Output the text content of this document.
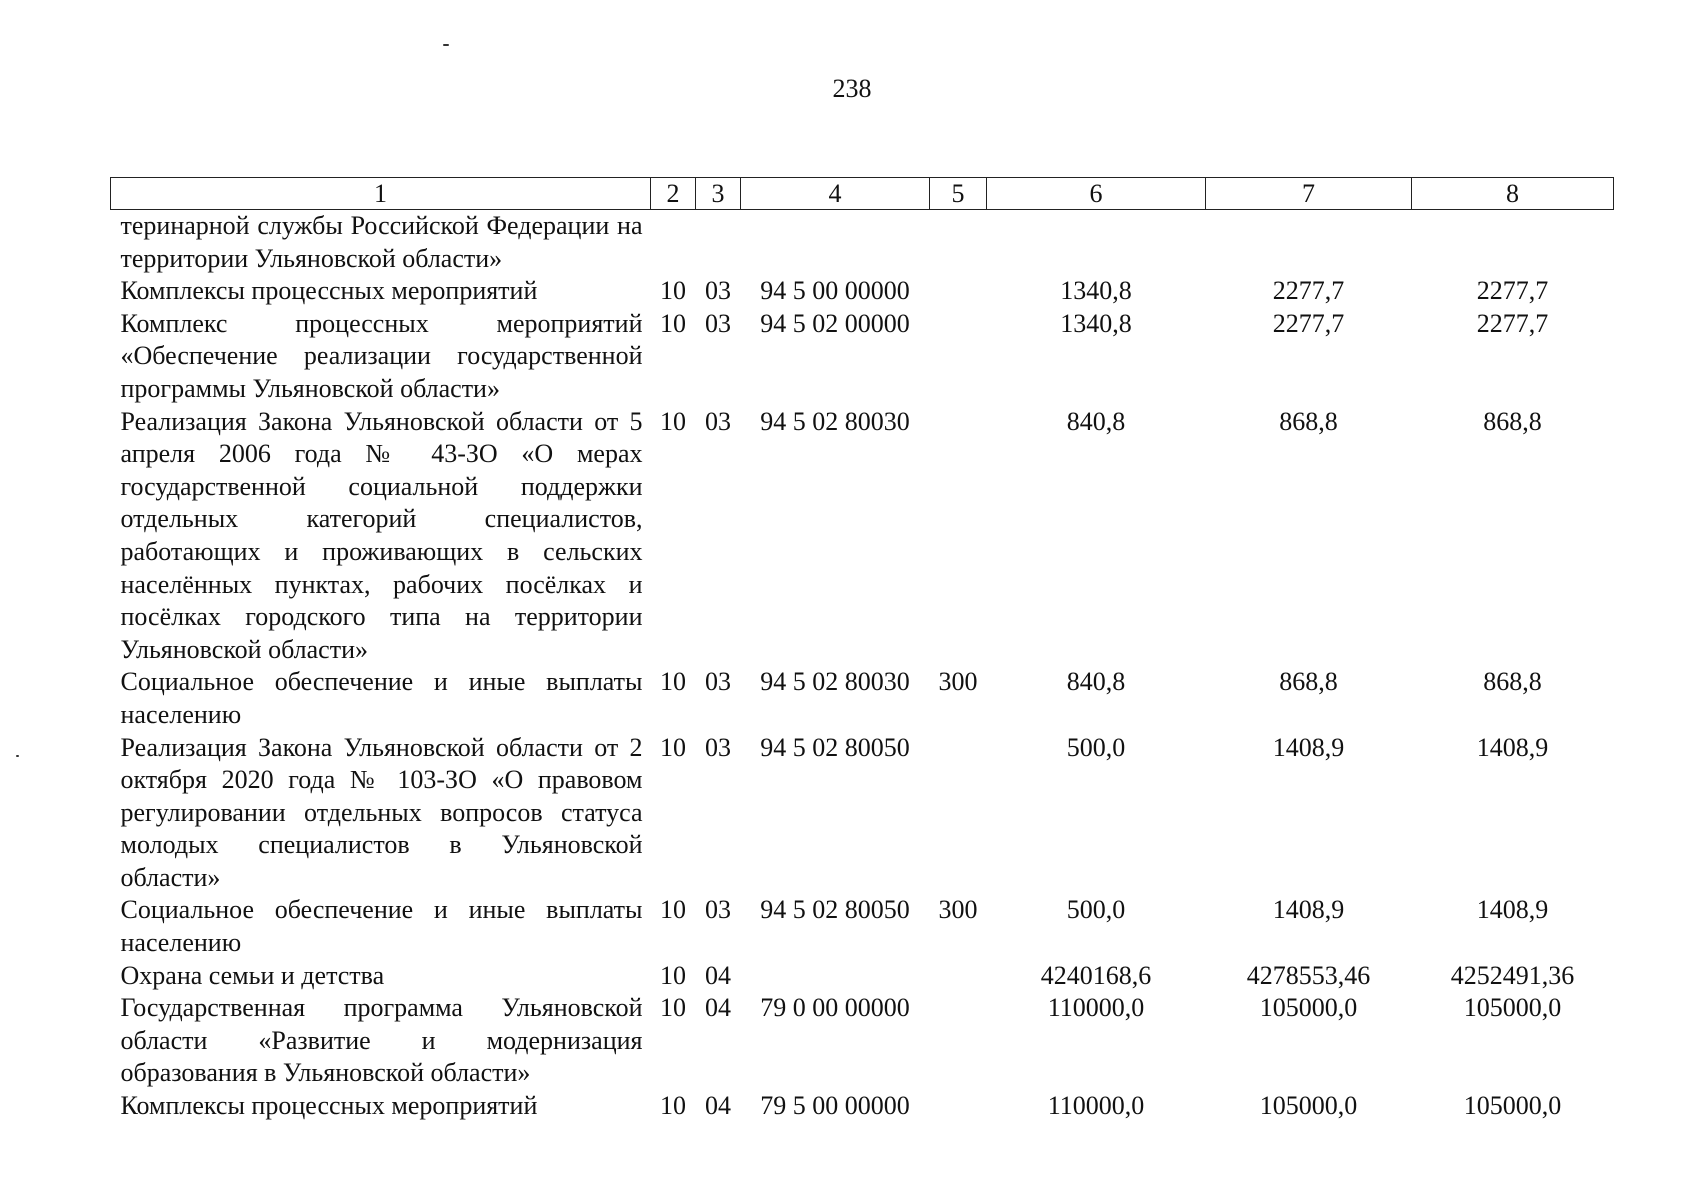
238
1	2	3	4	5	6	7	8
теринарной службы Российской Федерации на территории Ульяновской области»							
Комплексы процессных мероприятий	10	03	94 5 00 00000		1340,8	2277,7	2277,7
Комплекс процессных мероприятий «Обеспечение реализации государственной программы Ульяновской области»	10	03	94 5 02 00000		1340,8	2277,7	2277,7
Реализация Закона Ульяновской области от 5 апреля 2006 года № 43-ЗО «О мерах государственной социальной поддержки отдельных категорий специалистов, работающих и проживающих в сельских населённых пунктах, рабочих посёлках и посёлках городского типа на территории Ульяновской области»	10	03	94 5 02 80030		840,8	868,8	868,8
Социальное обеспечение и иные выплаты населению	10	03	94 5 02 80030	300	840,8	868,8	868,8
Реализация Закона Ульяновской области от 2 октября 2020 года № 103-ЗО «О правовом регулировании отдельных вопросов статуса молодых специалистов в Ульяновской области»	10	03	94 5 02 80050		500,0	1408,9	1408,9
Социальное обеспечение и иные выплаты населению	10	03	94 5 02 80050	300	500,0	1408,9	1408,9
Охрана семьи и детства	10	04			4240168,6	4278553,46	4252491,36
Государственная программа Ульяновской области «Развитие и модернизация образования в Ульяновской области»	10	04	79 0 00 00000		110000,0	105000,0	105000,0
Комплексы процессных мероприятий	10	04	79 5 00 00000		110000,0	105000,0	105000,0
